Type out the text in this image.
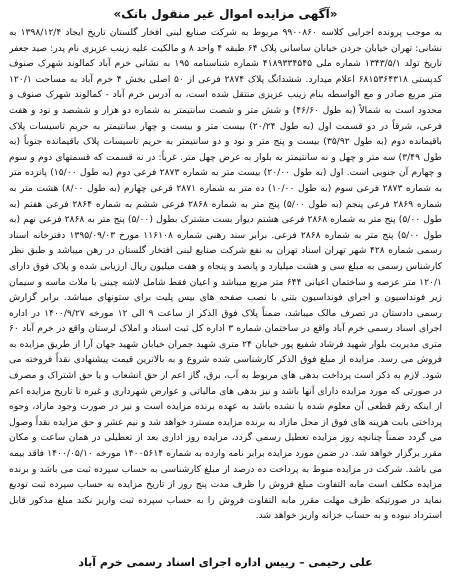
«آگهی مزایده اموال غیر منقول بانک»

به موجب پرونده اجرایی کلاسه ۹۹۰۰۸۶۰ مربوط به شرکت صنایع لبنی افخار گلستان تاریخ ایجاد ۱۳۹۸/۱۲/۴ به نشانی: تهران خیابان جردن خیابان ساسانی پلاک ۶۴ طبقه ۴ واحد ۸ و مالکیت علیه زینب عزیزی نام پدر: صید جعفر تاریخ تولد ۱۳۴۳/۵/۱ شماره ملی ۴۱۸۹۳۳۴۵۴۵ شماره شناسنامه ۱۹۵ به نشانی خرم آباد کمالوند شهرک صنوف کدپستی ۶۸۱۵۳۶۴۳۱۸ اعلام میدارد. ششدانگ پلاک ۲۸۷۴ فرعی از ۵۰ اصلی بخش ۴ خرم آباد به مساحت ۱۲۰/۱ متر مربع صادر و مع الواسطه بنام زینب عزیزی منتقل شده است، به آدرس خرم آباد - کمالوند شهرک صنوف و محدود است به شمالاً (به طول ۴۶/۶۰) و شش متر و شصت سانتیمتر به شماره دو هزار و ششصد و نود و هفت فرعی، شرقاً در دو قسمت اول (به طول ۲۰/۲۴) بیست متر و بیست و چهار سانتیمتر به حریم تاسیسات پلاک باقیمانده دوم (به طول ۳۵/۹۲) بیست و پنج متر و نود و دو سانتیمتر به حریم تاسیسات پلاک باقیمانده جنوباً (به طول ۳/۴۹) سه متر و چهل و نه سانتیمتر به بلوار به عرض چهل متر. غرباً: در نه قسمت که قسمتهای دوم و سوم و چهارم آن جنوبی است. اول (به طول ۲۰/۰۰) بیست متر به شماره ۲۸۷۳ فرعی دوم (به طول ۱۵/۰۰) پانزده متر به شماره ۲۸۷۳ فرعی سوم (به طول ۱۰/۰۰) ده متر به شماره ۲۸۷۱ فرعی چهارم (به طول ۸/۰۰) هشت متر به شماره ۲۸۶۹ فرعی پنجم (به طول ۵/۰۰) پنج متر به شماره ۲۸۶۸ فرعی ششم به شماره ۲۸۶۴ فرعی هفتم (به طول ۵/۰۰) پنج متر به شماره ۲۸۶۸ فرعی هشتم دیوار بست مشترک بطول (۵/۰۰) پنج متر به ۲۸۶۸ فرعی نهم (به طول ۵/۰۰) پنج متر به شماره ۲۸۶۸ فرعی. برابر سند رهنی شماره ۱۱۶۱۰۸ مورخ ۱۳۹۵/۰۹/۰۳ دفترخانه اسناد رسمی شماره ۴۲۸ شهر تهران اسناد تهران به نفع شرکت صنایع لبنی افتخار گلستان در رهن میباشد و طبق نظر کارشناس رسمی به مبلغ سی و هشت میلیارد و پانصد و پنجاه و هفت میلیون ریال ارزیابی شده و پلاک فوق دارای ۱۲۰/۱ متر عرصه و ساختمان اعیانی ۶۴۴ متر مربع میباشد و اعیان فقط شامل لاشه چینی با ملات ماسه و سیمان زیر فونداسیون و اجرای فونداسیون بتنی با نصب صفحه های بیس پلیت برای ستونهای میباشد. برابر گزارش رسمی دادستان در تصرف مالک میباشد، ضمناً پلاک فوق الذکر از ساعت ۹ الی ۱۲ مورخه ۱۴۰۰/۹/۲۷ در اداره اجرای اسناد رسمی خرم آباد واقع در ساختمان شماره ۳ اداره کل ثبت اسناد و املاک لرستان واقع در خرم آباد ۶۰ متری مدیریت بلوار شهید فرشاد شفیع پور خیابان ۲۴ متری شهید جمران خیابان شهید جهان آرا از طریق مزایده به فروش می رسد. مزایده از مبلغ فوق الذکر کارشناسی شده شروع و به بالاترین قیمت پیشنهادی نقداً فروخته می شود. لازم به ذکر است پرداخت بدهی های مربوط به آب، برق، گاز اعم از حق انشعاب و یا حق اشتراک و مصرف در صورتی که مورد مزایده دارای آنها باشد و نیز بدهی های مالیاتی و عوارض شهرداری و غیره تا تاریخ مزایده اعم از اینکه رقم قطعی آن معلوم شده یا نشده باشد به عهده برنده مزایده است و نیز در صورت وجود مازاد، وجوه پرداختی بابت هزینه های فوق از محل مازاد به برنده مزایده مسترد خواهد شد و نیم عشر و حق مزایده نقداً وصول می گردد ضمناً چنانچه روز مزایده تعطیل رسمی گردد، مزایده روز اداری بعد از تعطیلی در همان ساعت و مکان مقرر برگزار خواهد شد. در ضمن مورد مزایده برابر نامه وارده به شماره ۱۴۰۰۵۶۱۴ مورخه ۱۴۰۰/۰۵/۱۰ فاقد بیمه می باشد. شرکت در مزایده منوط به پرداخت ده درصد از مبلغ کارشناسی به حساب سپرده ثبت می باشد و برنده مزایده مکلف است مابه التفاوت مبلغ فروش را ظرف مدت پنج روز از تاریخ مزایده به حساب سپرده ثبت تودیع نماید در صورتیکه ظرف مهلت مقرر مابه التفاوت فروش را به حساب سپرده ثبت واریز نکند مبلغ مذکور قابل استرداد نبوده و به حساب خزانه واریز خواهد شد.

علی رحیمی – رییس اداره اجرای اسناد رسمی خرم آباد
